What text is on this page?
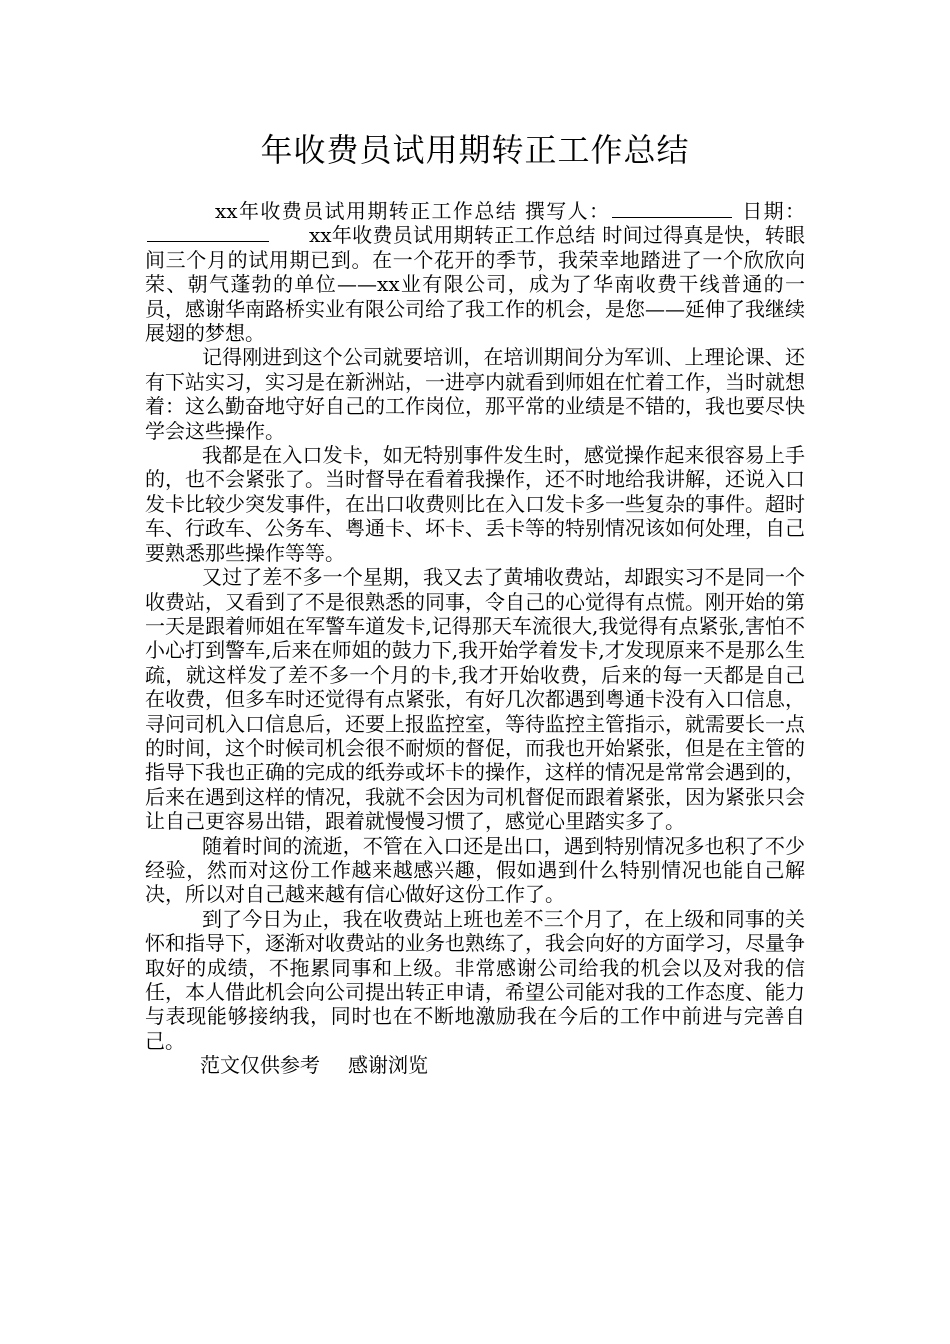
年收费员试用期转正工作总结

xx年收费员试用期转正工作总结 撰写人：	日期：xx年收费员试用期转正工作总结 时间过得真是快，转眼间三个月的试用期已到。在一个花开的季节，我荣幸地踏进了一个欣欣向荣、朝气蓬勃的单位——xx业有限公司，成为了华南收费干线普通的一员，感谢华南路桥实业有限公司给了我工作的机会，是您——延伸了我继续展翅的梦想。

记得刚进到这个公司就要培训，在培训期间分为军训、上理论课、还有下站实习，实习是在新洲站，一进亭内就看到师姐在忙着工作，当时就想着：这么勤奋地守好自己的工作岗位，那平常的业绩是不错的，我也要尽快学会这些操作。

我都是在入口发卡，如无特别事件发生时，感觉操作起来很容易上手的，也不会紧张了。当时督导在看着我操作，还不时地给我讲解，还说入口发卡比较少突发事件，在出口收费则比在入口发卡多一些复杂的事件。超时车、行政车、公务车、粤通卡、坏卡、丢卡等的特别情况该如何处理，自己要熟悉那些操作等等。

又过了差不多一个星期，我又去了黄埔收费站，却跟实习不是同一个收费站，又看到了不是很熟悉的同事，令自己的心觉得有点慌。刚开始的第一天是跟着师姐在军警车道发卡,记得那天车流很大,我觉得有点紧张,害怕不小心打到警车,后来在师姐的鼓力下,我开始学着发卡,才发现原来不是那么生疏，就这样发了差不多一个月的卡,我才开始收费，后来的每一天都是自己在收费，但多车时还觉得有点紧张，有好几次都遇到粤通卡没有入口信息，寻问司机入口信息后，还要上报监控室，等待监控主管指示，就需要长一点的时间，这个时候司机会很不耐烦的督促，而我也开始紧张，但是在主管的指导下我也正确的完成的纸券或坏卡的操作，这样的情况是常常会遇到的，后来在遇到这样的情况，我就不会因为司机督促而跟着紧张，因为紧张只会让自己更容易出错，跟着就慢慢习惯了，感觉心里踏实多了。

随着时间的流逝，不管在入口还是出口，遇到特别情况多也积了不少经验，然而对这份工作越来越感兴趣，假如遇到什么特别情况也能自己解决，所以对自己越来越有信心做好这份工作了。

到了今日为止，我在收费站上班也差不三个月了，在上级和同事的关怀和指导下，逐渐对收费站的业务也熟练了，我会向好的方面学习，尽量争取好的成绩，不拖累同事和上级。非常感谢公司给我的机会以及对我的信任，本人借此机会向公司提出转正申请，希望公司能对我的工作态度、能力与表现能够接纳我，同时也在不断地激励我在今后的工作中前进与完善自己。

范文仅供参考 感谢浏览
